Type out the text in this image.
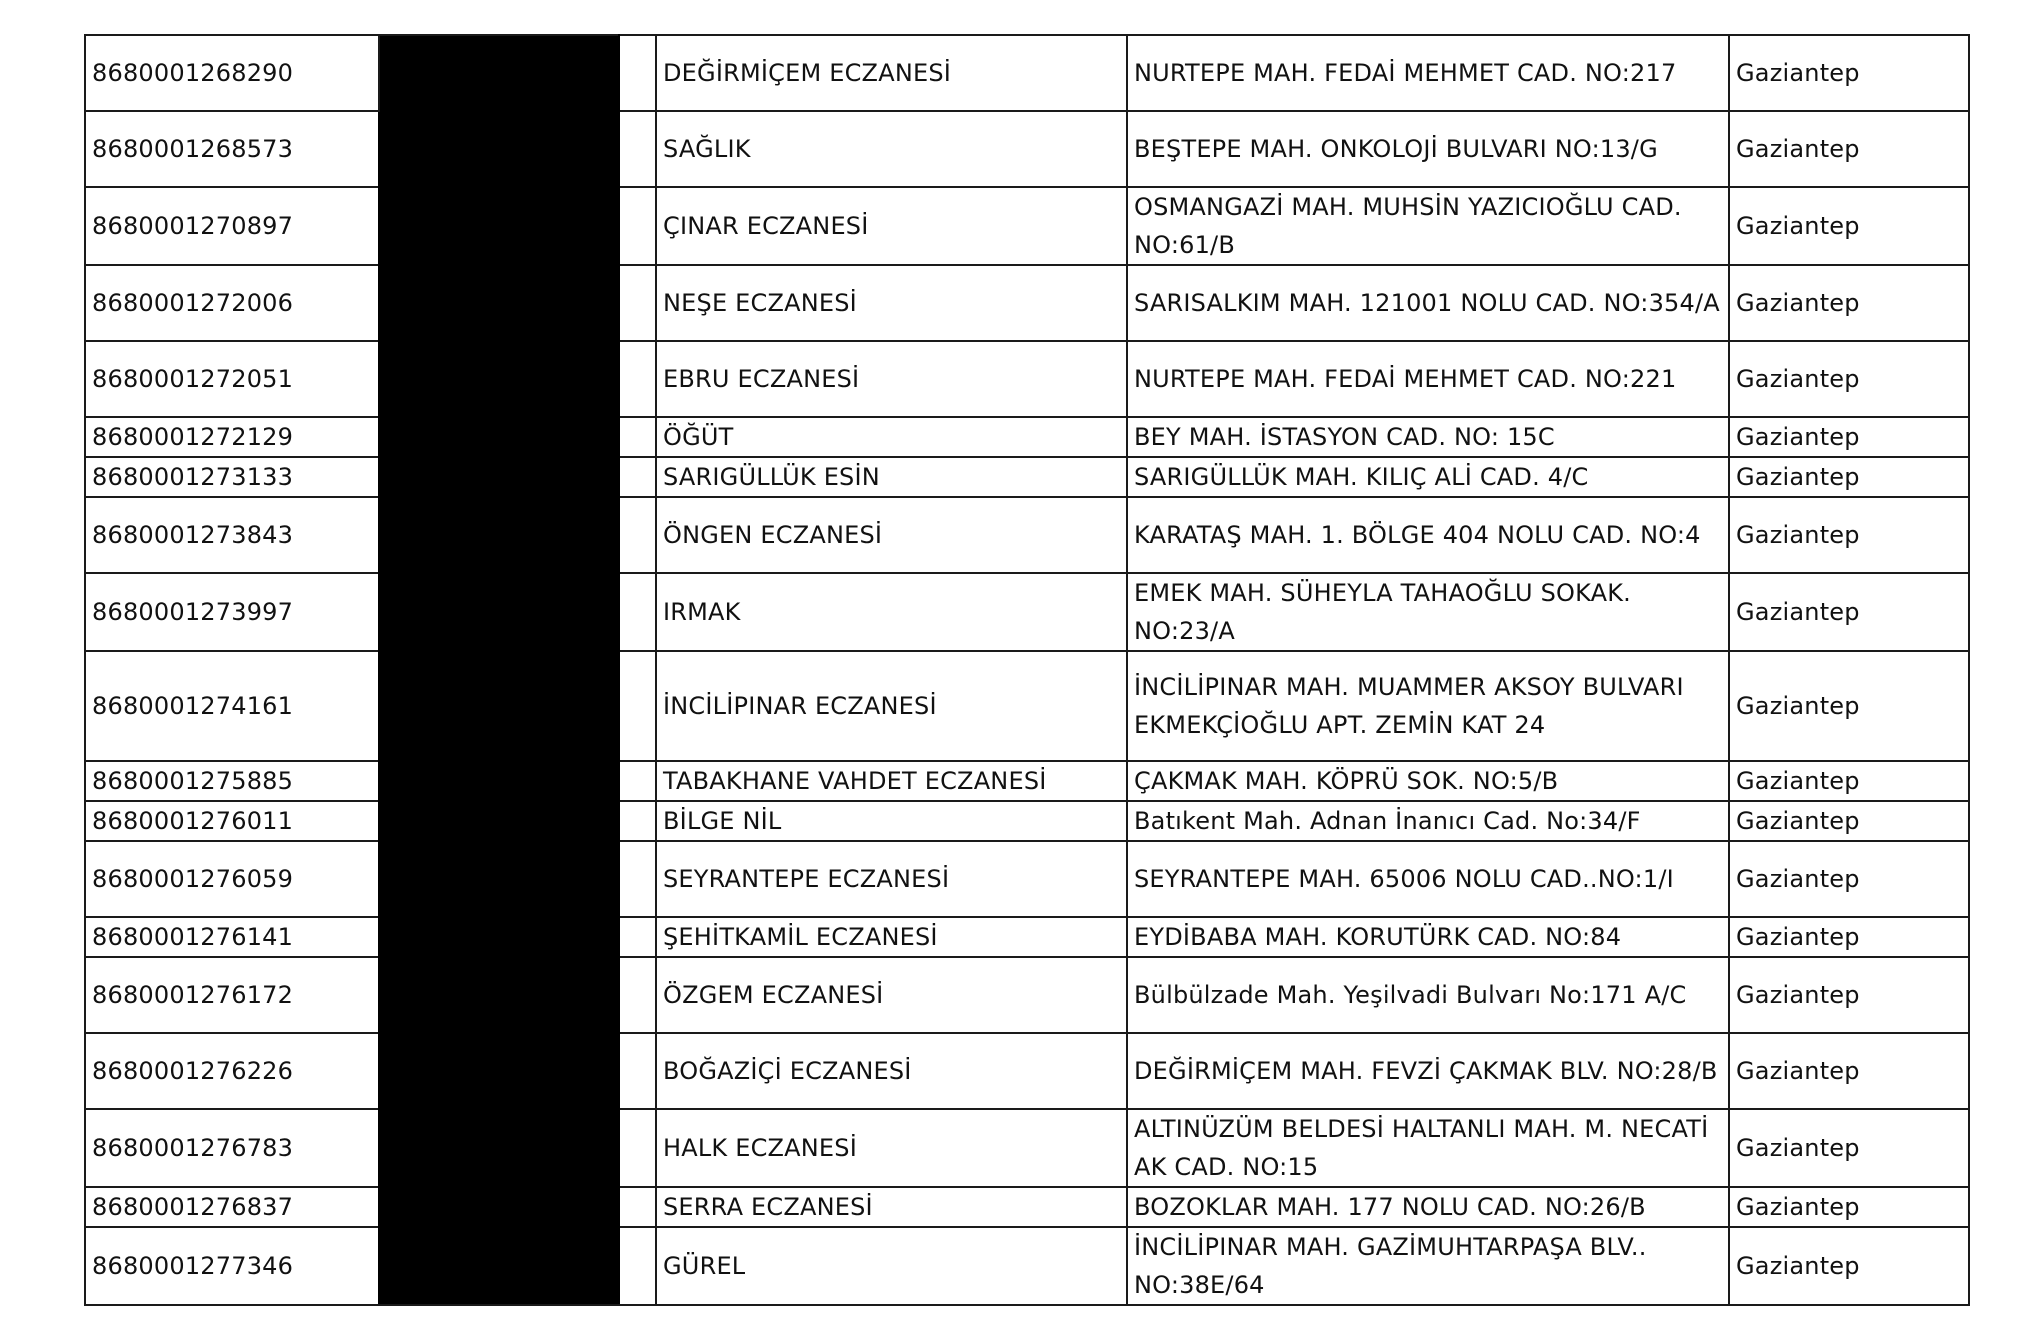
8680001268290			DEĞİRMİÇEM ECZANESİ	NURTEPE MAH. FEDAİ MEHMET CAD. NO:217	Gaziantep
8680001268573			SAĞLIK	BEŞTEPE MAH. ONKOLOJİ BULVARI NO:13/G	Gaziantep
8680001270897			ÇINAR ECZANESİ	OSMANGAZİ MAH. MUHSİN YAZICIOĞLU CAD. NO:61/B	Gaziantep
8680001272006			NEŞE ECZANESİ	SARISALKIM MAH. 121001 NOLU CAD. NO:354/A	Gaziantep
8680001272051			EBRU ECZANESİ	NURTEPE MAH. FEDAİ MEHMET CAD. NO:221	Gaziantep
8680001272129			ÖĞÜT	BEY MAH. İSTASYON CAD. NO: 15C	Gaziantep
8680001273133			SARIGÜLLÜK ESİN	SARIGÜLLÜK MAH. KILIÇ ALİ CAD. 4/C	Gaziantep
8680001273843			ÖNGEN ECZANESİ	KARATAŞ MAH. 1. BÖLGE 404 NOLU CAD. NO:4	Gaziantep
8680001273997			IRMAK	EMEK MAH. SÜHEYLA TAHAOĞLU SOKAK. NO:23/A	Gaziantep
8680001274161			İNCİLİPINAR ECZANESİ	İNCİLİPINAR MAH. MUAMMER AKSOY BULVARI EKMEKÇİOĞLU APT. ZEMİN KAT 24	Gaziantep
8680001275885			TABAKHANE VAHDET ECZANESİ	ÇAKMAK MAH. KÖPRÜ SOK. NO:5/B	Gaziantep
8680001276011			BİLGE NİL	Batıkent Mah. Adnan İnanıcı Cad. No:34/F	Gaziantep
8680001276059			SEYRANTEPE ECZANESİ	SEYRANTEPE MAH. 65006 NOLU CAD..NO:1/I	Gaziantep
8680001276141			ŞEHİTKAMİL ECZANESİ	EYDİBABA MAH. KORUTÜRK CAD. NO:84	Gaziantep
8680001276172			ÖZGEM ECZANESİ	Bülbülzade Mah. Yeşilvadi Bulvarı No:171 A/C	Gaziantep
8680001276226			BOĞAZİÇİ ECZANESİ	DEĞİRMİÇEM MAH. FEVZİ ÇAKMAK BLV. NO:28/B	Gaziantep
8680001276783			HALK ECZANESİ	ALTINÜZÜM BELDESİ HALTANLI MAH. M. NECATİ AK CAD. NO:15	Gaziantep
8680001276837			SERRA ECZANESİ	BOZOKLAR MAH. 177 NOLU CAD. NO:26/B	Gaziantep
8680001277346			GÜREL	İNCİLİPINAR MAH. GAZİMUHTARPAŞA BLV.. NO:38E/64	Gaziantep
